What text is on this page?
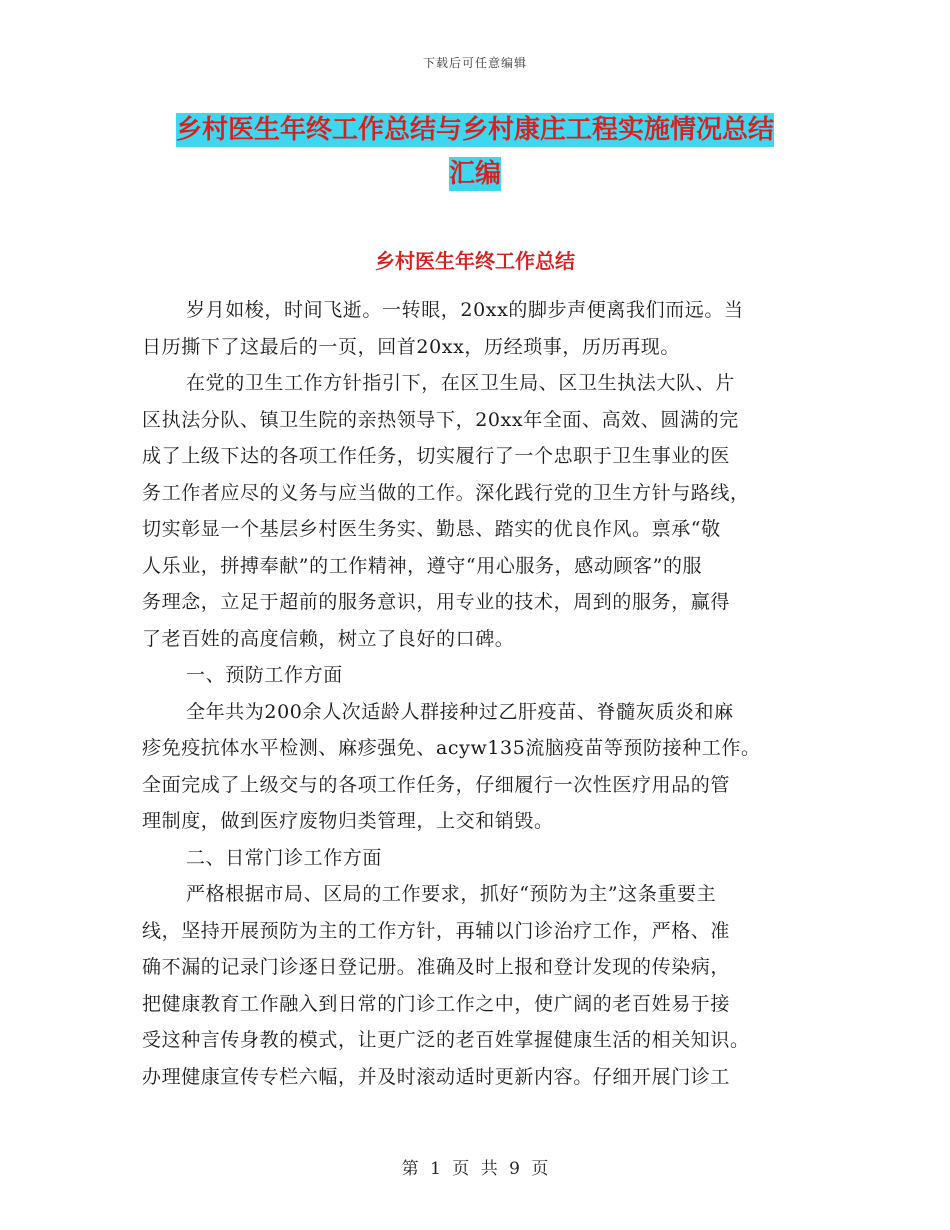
下载后可任意编辑
乡村医生年终工作总结与乡村康庄工程实施情况总结
汇编
乡村医生年终工作总结
岁月如梭，时间飞逝。一转眼，20xx的脚步声便离我们而远。当
日历撕下了这最后的一页，回首20xx，历经琐事，历历再现。
在党的卫生工作方针指引下，在区卫生局、区卫生执法大队、片
区执法分队、镇卫生院的亲热领导下，20xx年全面、高效、圆满的完
成了上级下达的各项工作任务，切实履行了一个忠职于卫生事业的医
务工作者应尽的义务与应当做的工作。深化践行党的卫生方针与路线，
切实彰显一个基层乡村医生务实、勤恳、踏实的优良作风。禀承“敬
人乐业，拼搏奉献”的工作精神，遵守“用心服务，感动顾客”的服
务理念，立足于超前的服务意识，用专业的技术，周到的服务，赢得
了老百姓的高度信赖，树立了良好的口碑。
一、预防工作方面
全年共为200余人次适龄人群接种过乙肝疫苗、脊髓灰质炎和麻
疹免疫抗体水平检测、麻疹强免、acyw135流脑疫苗等预防接种工作。
全面完成了上级交与的各项工作任务，仔细履行一次性医疗用品的管
理制度，做到医疗废物归类管理，上交和销毁。
二、日常门诊工作方面
严格根据市局、区局的工作要求，抓好“预防为主”这条重要主
线，坚持开展预防为主的工作方针，再辅以门诊治疗工作，严格、准
确不漏的记录门诊逐日登记册。准确及时上报和登计发现的传染病，
把健康教育工作融入到日常的门诊工作之中，使广阔的老百姓易于接
受这种言传身教的模式，让更广泛的老百姓掌握健康生活的相关知识。
办理健康宣传专栏六幅，并及时滚动适时更新内容。仔细开展门诊工
第 1 页 共 9 页
